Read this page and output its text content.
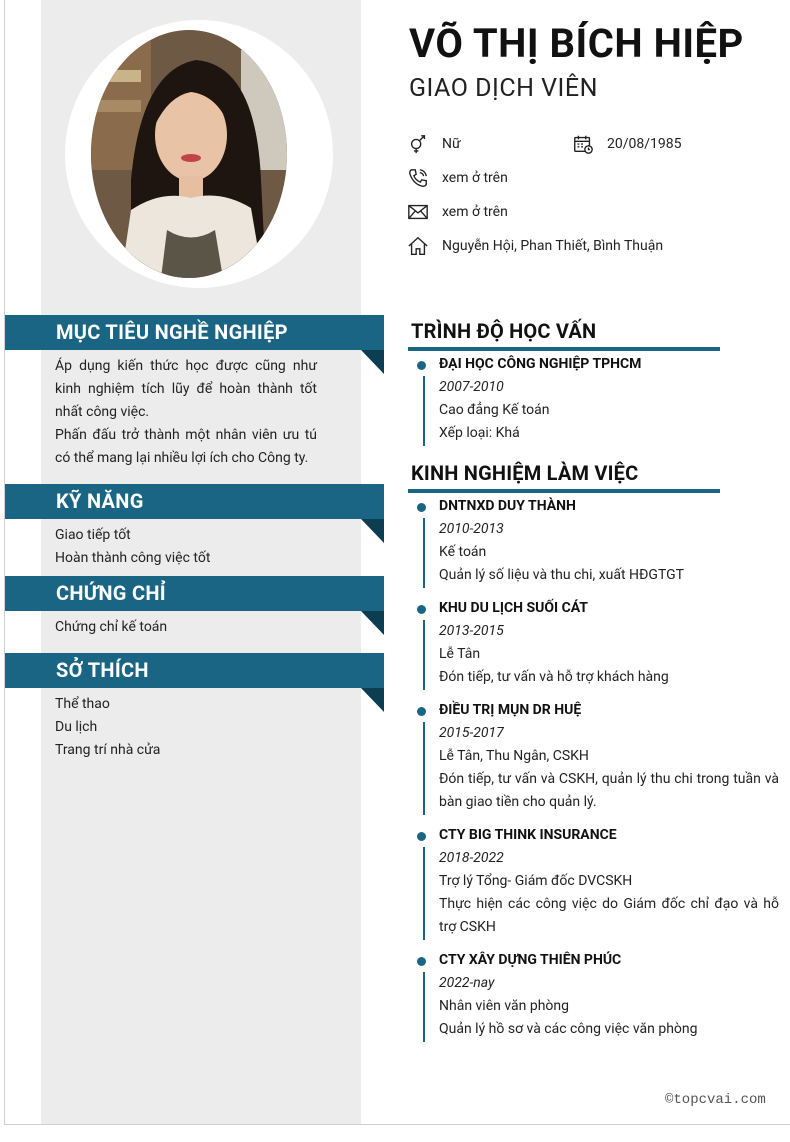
VÕ THỊ BÍCH HIỆP
GIAO DỊCH VIÊN
Nữ	20/08/1985
xem ở trên
xem ở trên
Nguyễn Hội, Phan Thiết, Bình Thuận
MỤC TIÊU NGHỀ NGHIỆP

Áp dụng kiến thức học được cũng như kinh nghiệm tích lũy để hoàn thành tốt nhất công việc.

Phấn đấu trở thành một nhân viên ưu tú có thể mang lại nhiều lợi ích cho Công ty.

KỸ NĂNG

Giao tiếp tốt

Hoàn thành công việc tốt

CHỨNG CHỈ

Chứng chỉ kế toán

SỞ THÍCH

Thể thao

Du lịch

Trang trí nhà cửa

TRÌNH ĐỘ HỌC VẤN
ĐẠI HỌC CÔNG NGHIỆP TPHCM
2007-2010
Cao đẳng Kế toán
Xếp loại: Khá
KINH NGHIỆM LÀM VIỆC
DNTNXD DUY THÀNH
2010-2013
Kế toán
Quản lý số liệu và thu chi, xuất HĐGTGT
KHU DU LỊCH SUỐI CÁT
2013-2015
Lễ Tân
Đón tiếp, tư vấn và hỗ trợ khách hàng
ĐIỀU TRỊ MỤN DR HUỆ
2015-2017
Lễ Tân, Thu Ngân, CSKH
Đón tiếp, tư vấn và CSKH, quản lý thu chi trong tuần và bàn giao tiền cho quản lý.
CTY BIG THINK INSURANCE
2018-2022
Trợ lý Tổng- Giám đốc DVCSKH
Thực hiện các công việc do Giám đốc chỉ đạo và hỗ trợ CSKH
CTY XÂY DỰNG THIÊN PHÚC
2022-nay
Nhân viên văn phòng
Quản lý hồ sơ và các công việc văn phòng
©topcvai.com
